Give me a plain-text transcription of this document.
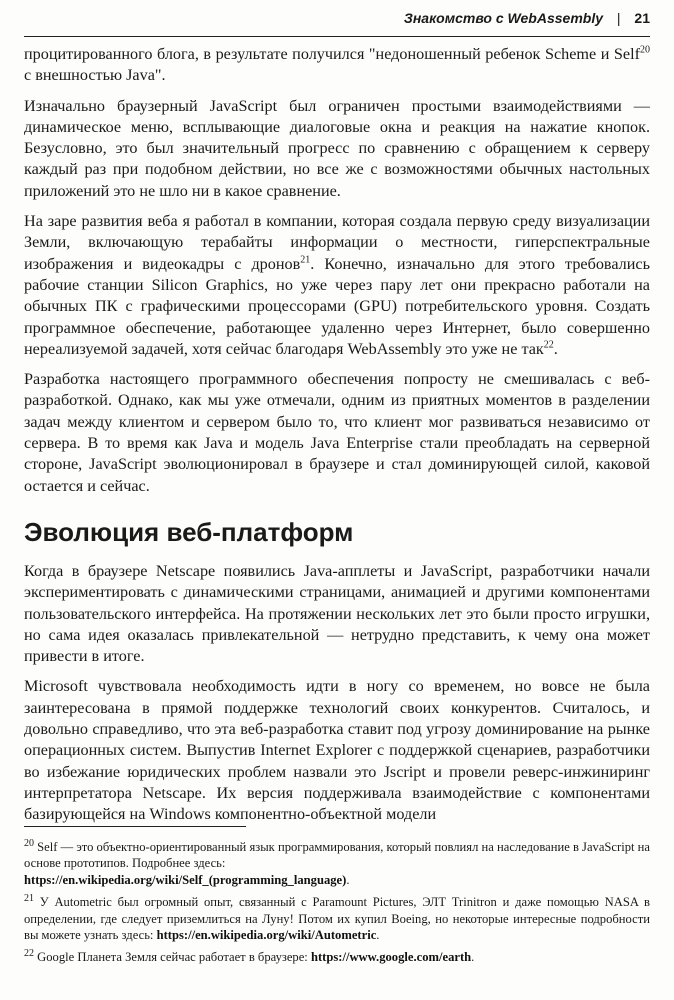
Знакомство с WebAssembly | 21

процитированного блога, в результате получился "недоношенный ребенок Scheme и Self$^{20}$ с внешностью Java".

Изначально браузерный JavaScript был ограничен простыми взаимодействиями — динамическое меню, всплывающие диалоговые окна и реакция на нажатие кнопок. Безусловно, это был значительный прогресс по сравнению с обращением к серверу каждый раз при подобном действии, но все же с возможностями обычных настольных приложений это не шло ни в какое сравнение.

На заре развития веба я работал в компании, которая создала первую среду визуализации Земли, включающую терабайты информации о местности, гиперспектральные изображения и видеокадры с дронов$^{21}$. Конечно, изначально для этого требовались рабочие станции Silicon Graphics, но уже через пару лет они прекрасно работали на обычных ПК с графическими процессорами (GPU) потребительского уровня. Создать программное обеспечение, работающее удаленно через Интернет, было совершенно нереализуемой задачей, хотя сейчас благодаря WebAssembly это уже не так$^{22}$.

Разработка настоящего программного обеспечения попросту не смешивалась с веб-разработкой. Однако, как мы уже отмечали, одним из приятных моментов в разделении задач между клиентом и сервером было то, что клиент мог развиваться независимо от сервера. В то время как Java и модель Java Enterprise стали преобладать на серверной стороне, JavaScript эволюционировал в браузере и стал доминирующей силой, каковой остается и сейчас.

Эволюция веб-платформ

Когда в браузере Netscape появились Java-апплеты и JavaScript, разработчики начали экспериментировать с динамическими страницами, анимацией и другими компонентами пользовательского интерфейса. На протяжении нескольких лет это были просто игрушки, но сама идея оказалась привлекательной — нетрудно представить, к чему она может привести в итоге.

Microsoft чувствовала необходимость идти в ногу со временем, но вовсе не была заинтересована в прямой поддержке технологий своих конкурентов. Считалось, и довольно справедливо, что эта веб-разработка ставит под угрозу доминирование на рынке операционных систем. Выпустив Internet Explorer с поддержкой сценариев, разработчики во избежание юридических проблем назвали это Jscript и провели реверс-инжиниринг интерпретатора Netscape. Их версия поддерживала взаимодействие с компонентами базирующейся на Windows компонентно-объектной модели

$^{20}$ Self — это объектно-ориентированный язык программирования, который повлиял на наследование в JavaScript на основе прототипов. Подробнее здесь:
https://en.wikipedia.org/wiki/Self_(programming_language).

$^{21}$ У Autometric был огромный опыт, связанный с Paramount Pictures, ЭЛТ Trinitron и даже помощью NASA в определении, где следует приземлиться на Луну! Потом их купил Boeing, но некоторые интересные подробности вы можете узнать здесь: https://en.wikipedia.org/wiki/Autometric.

$^{22}$ Google Планета Земля сейчас работает в браузере: https://www.google.com/earth.
